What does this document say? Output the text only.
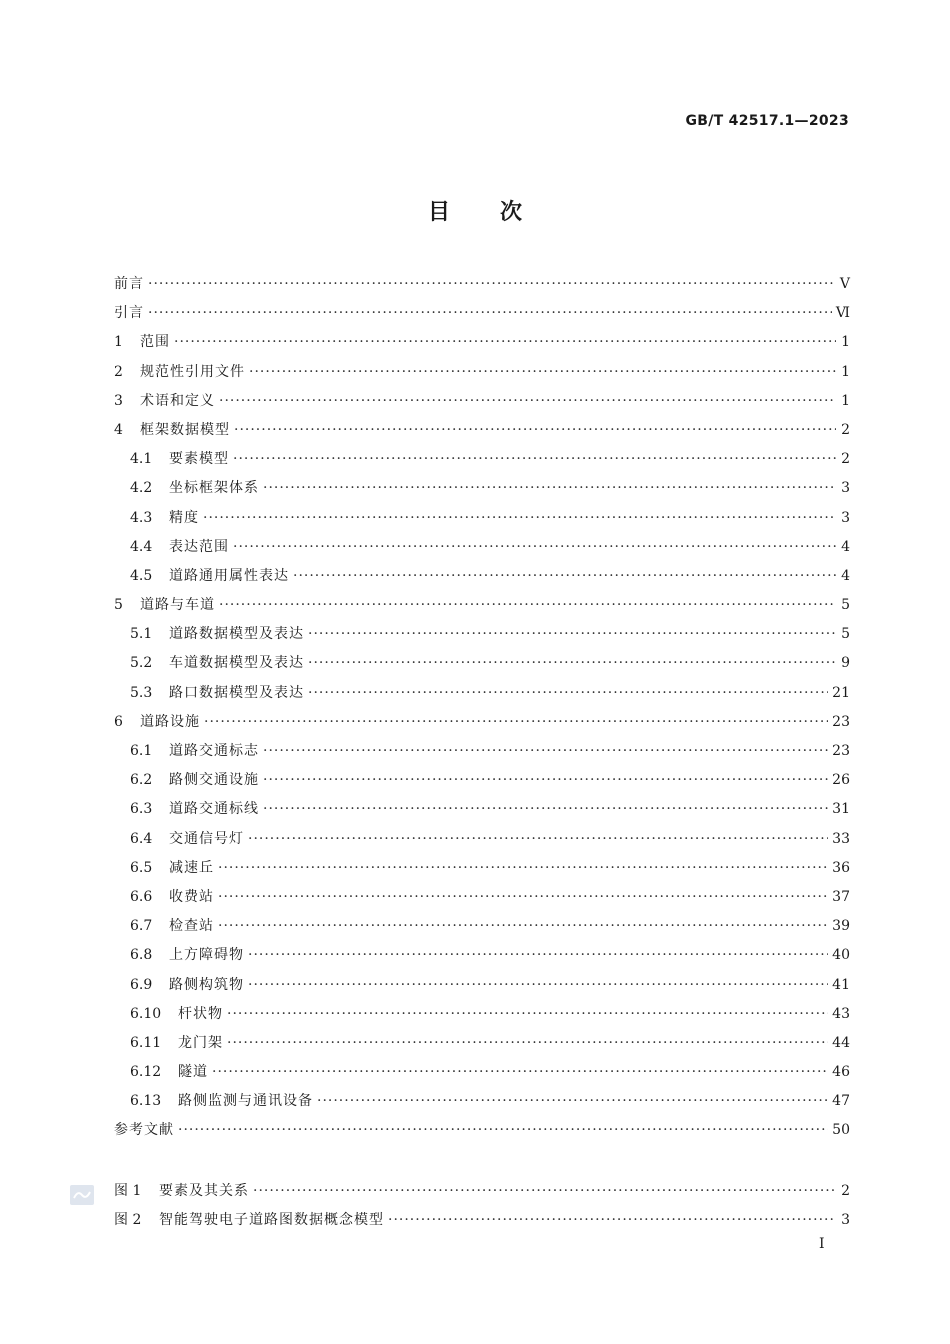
GB/T 42517.1—2023
目次
前言 ·····	Ⅴ
引言 ·····	Ⅵ
1	范围 ·····	1
2	规范性引用文件 ·····	1
3	术语和定义 ·····	1
4	框架数据模型 ·····	2
4.1	要素模型 ·····	2
4.2	坐标框架体系 ·····	3
4.3	精度 ·····	3
4.4	表达范围 ·····	4
4.5	道路通用属性表达 ·····	4
5	道路与车道 ·····	5
5.1	道路数据模型及表达 ·····	5
5.2	车道数据模型及表达 ·····	9
5.3	路口数据模型及表达 ·····	21
6	道路设施 ·····	23
6.1	道路交通标志 ·····	23
6.2	路侧交通设施 ·····	26
6.3	道路交通标线 ·····	31
6.4	交通信号灯 ·····	33
6.5	减速丘 ·····	36
6.6	收费站 ·····	37
6.7	检查站 ·····	39
6.8	上方障碍物 ·····	40
6.9	路侧构筑物 ·····	41
6.10	杆状物 ·····	43
6.11	龙门架 ·····	44
6.12	隧道 ·····	46
6.13	路侧监测与通讯设备 ·····	47
参考文献 ·····	50
图 1	要素及其关系 ·····	2
图 2	智能驾驶电子道路图数据概念模型 ·····	3
I
